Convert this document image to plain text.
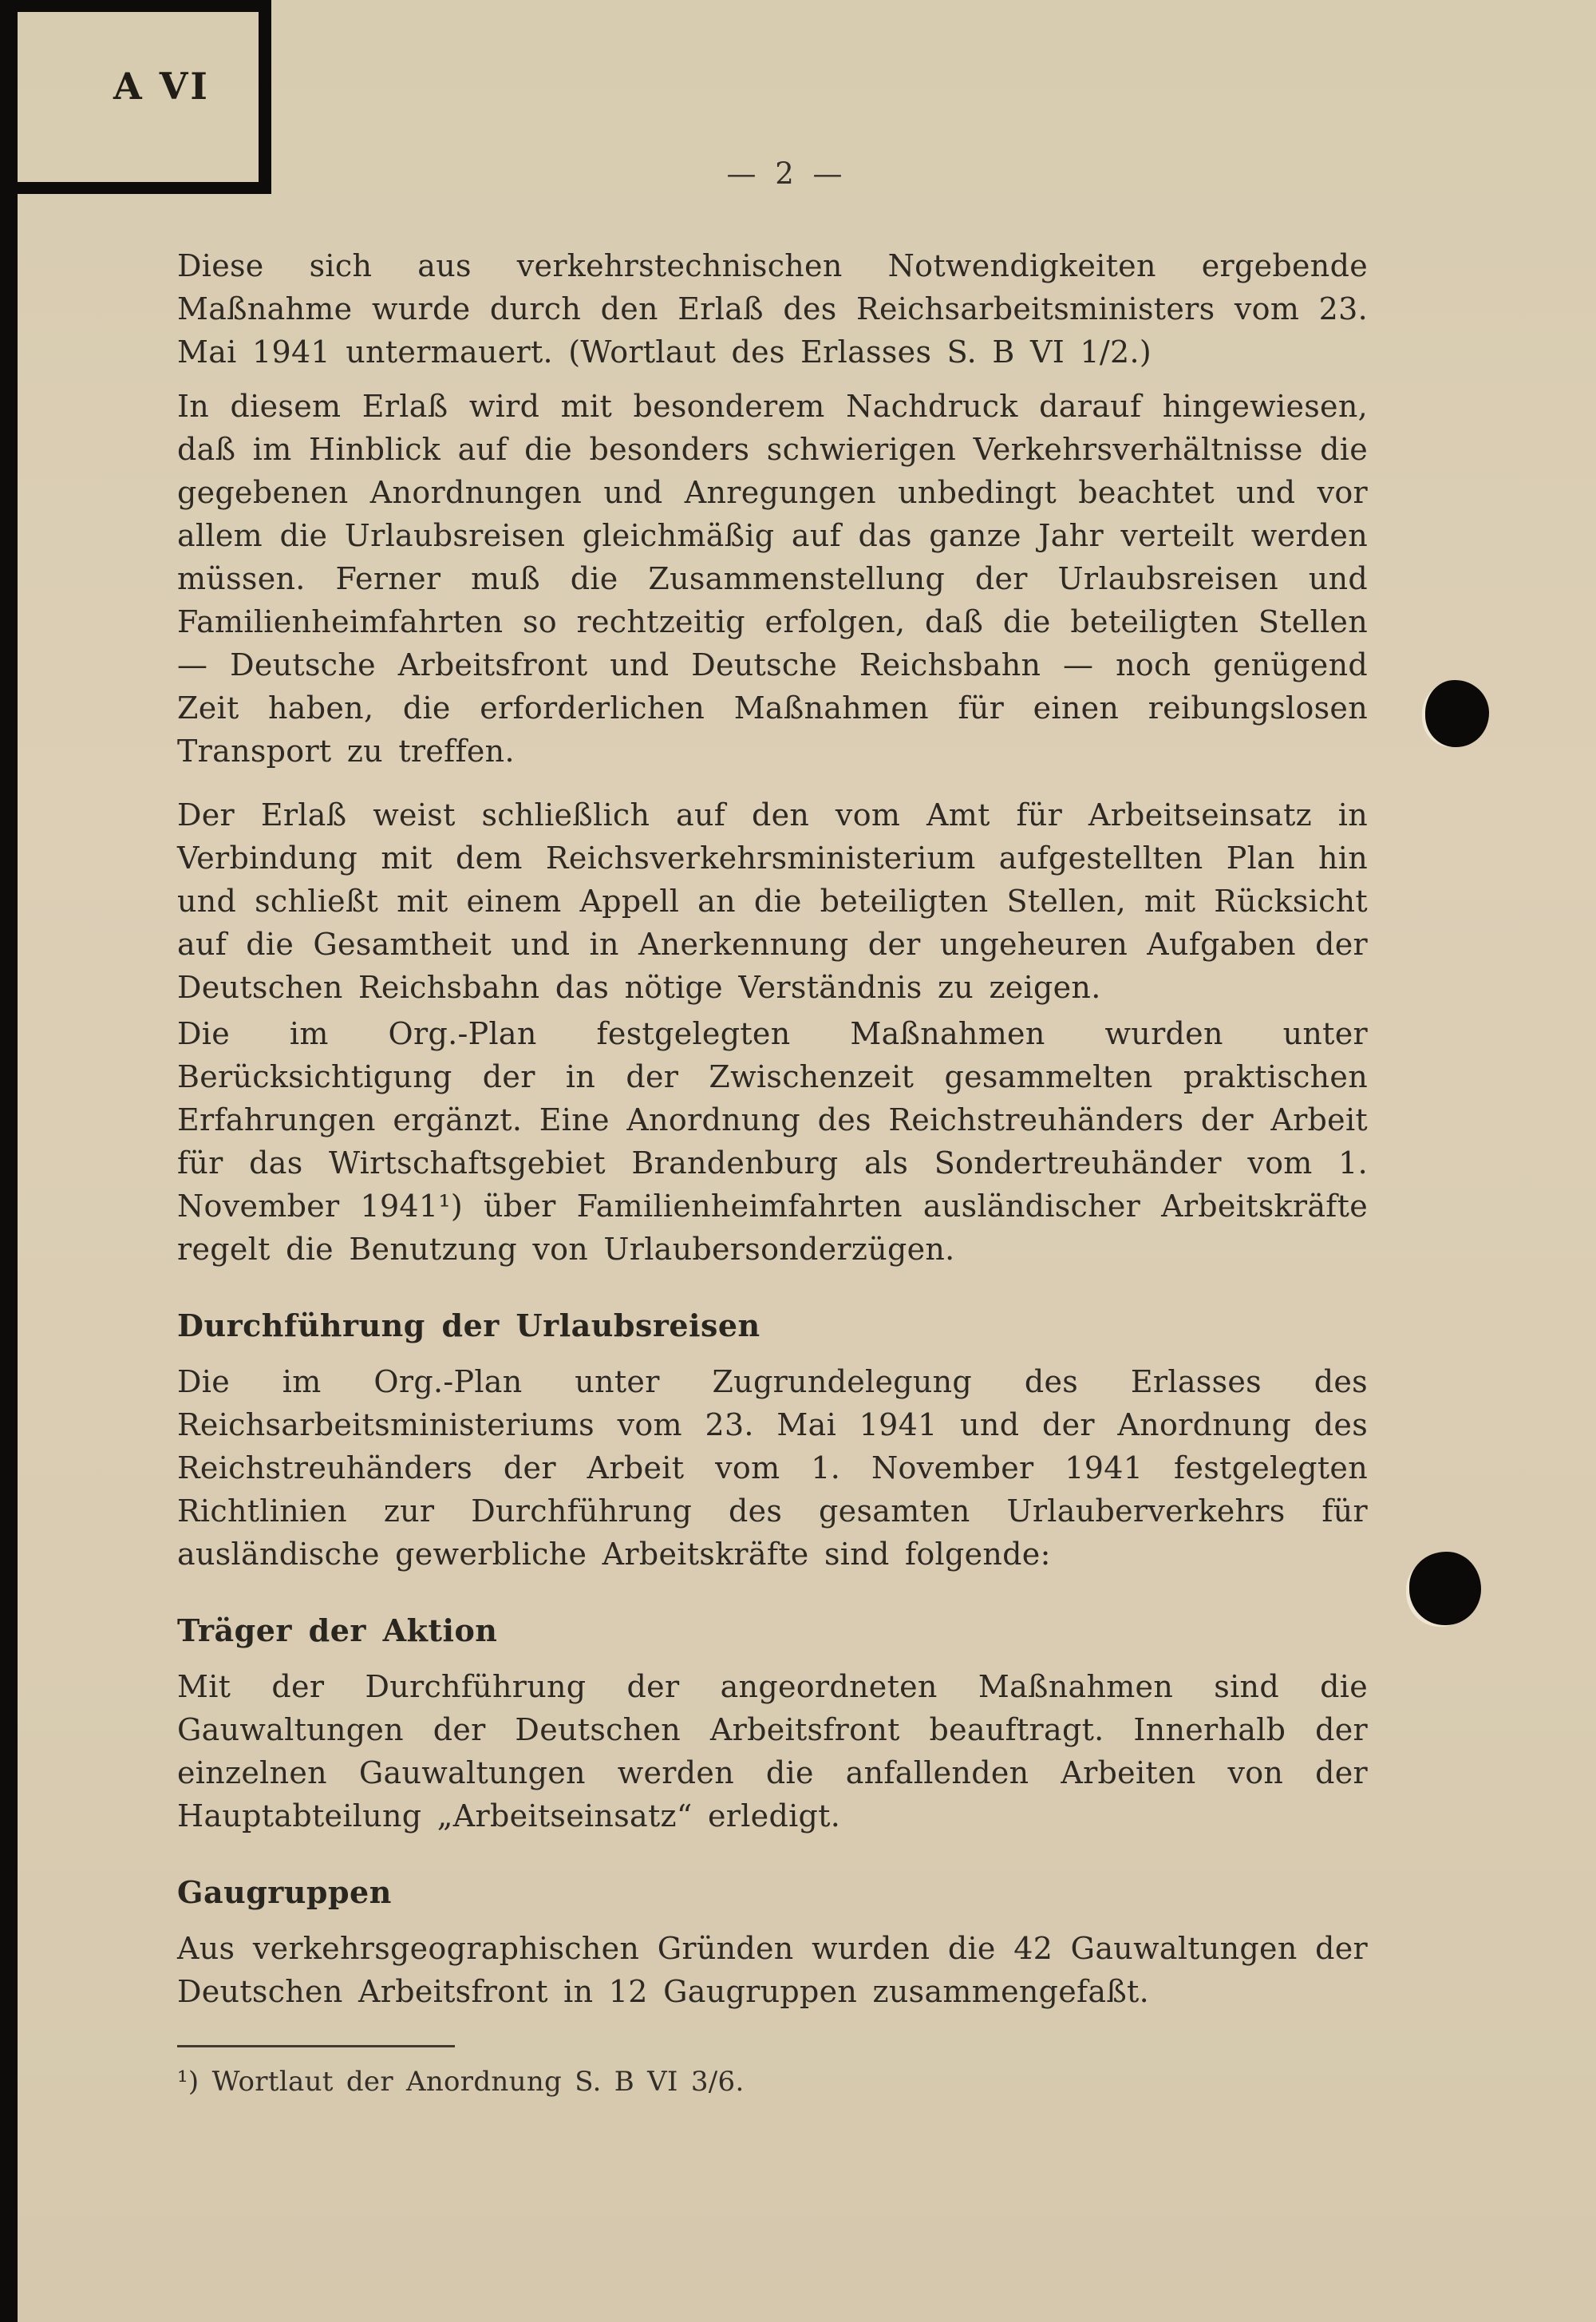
A VI
— 2 —

Diese sich aus verkehrstechnischen Notwendigkeiten ergebende Maßnahme wurde durch den Erlaß des Reichsarbeitsministers vom 23. Mai 1941 untermauert. (Wortlaut des Erlasses S. B VI 1/2.)

In diesem Erlaß wird mit besonderem Nachdruck darauf hingewiesen, daß im Hinblick auf die besonders schwierigen Verkehrsverhältnisse die gegebenen Anordnungen und Anregungen unbedingt beachtet und vor allem die Urlaubsreisen gleichmäßig auf das ganze Jahr verteilt werden müssen. Ferner muß die Zusammenstellung der Urlaubsreisen und Familienheimfahrten so rechtzeitig erfolgen, daß die beteiligten Stellen — Deutsche Arbeitsfront und Deutsche Reichsbahn — noch genügend Zeit haben, die erforderlichen Maßnahmen für einen reibungslosen Transport zu treffen.

Der Erlaß weist schließlich auf den vom Amt für Arbeitseinsatz in Verbindung mit dem Reichsverkehrsministerium aufgestellten Plan hin und schließt mit einem Appell an die beteiligten Stellen, mit Rücksicht auf die Gesamtheit und in Anerkennung der ungeheuren Aufgaben der Deutschen Reichsbahn das nötige Verständnis zu zeigen.

Die im Org.-Plan festgelegten Maßnahmen wurden unter Berücksichtigung der in der Zwischenzeit gesammelten praktischen Erfahrungen ergänzt. Eine Anordnung des Reichstreuhänders der Arbeit für das Wirtschaftsgebiet Brandenburg als Sondertreuhänder vom 1. November 1941¹) über Familienheimfahrten ausländischer Arbeitskräfte regelt die Benutzung von Urlaubersonderzügen.

Durchführung der Urlaubsreisen

Die im Org.-Plan unter Zugrundelegung des Erlasses des Reichsarbeitsministeriums vom 23. Mai 1941 und der Anordnung des Reichstreuhänders der Arbeit vom 1. November 1941 festgelegten Richtlinien zur Durchführung des gesamten Urlauberverkehrs für ausländische gewerbliche Arbeitskräfte sind folgende:

Träger der Aktion

Mit der Durchführung der angeordneten Maßnahmen sind die Gauwaltungen der Deutschen Arbeitsfront beauftragt. Innerhalb der einzelnen Gauwaltungen werden die anfallenden Arbeiten von der Hauptabteilung „Arbeitseinsatz“ erledigt.

Gaugruppen

Aus verkehrsgeographischen Gründen wurden die 42 Gauwaltungen der Deutschen Arbeitsfront in 12 Gaugruppen zusammengefaßt.

¹) Wortlaut der Anordnung S. B VI 3/6.
